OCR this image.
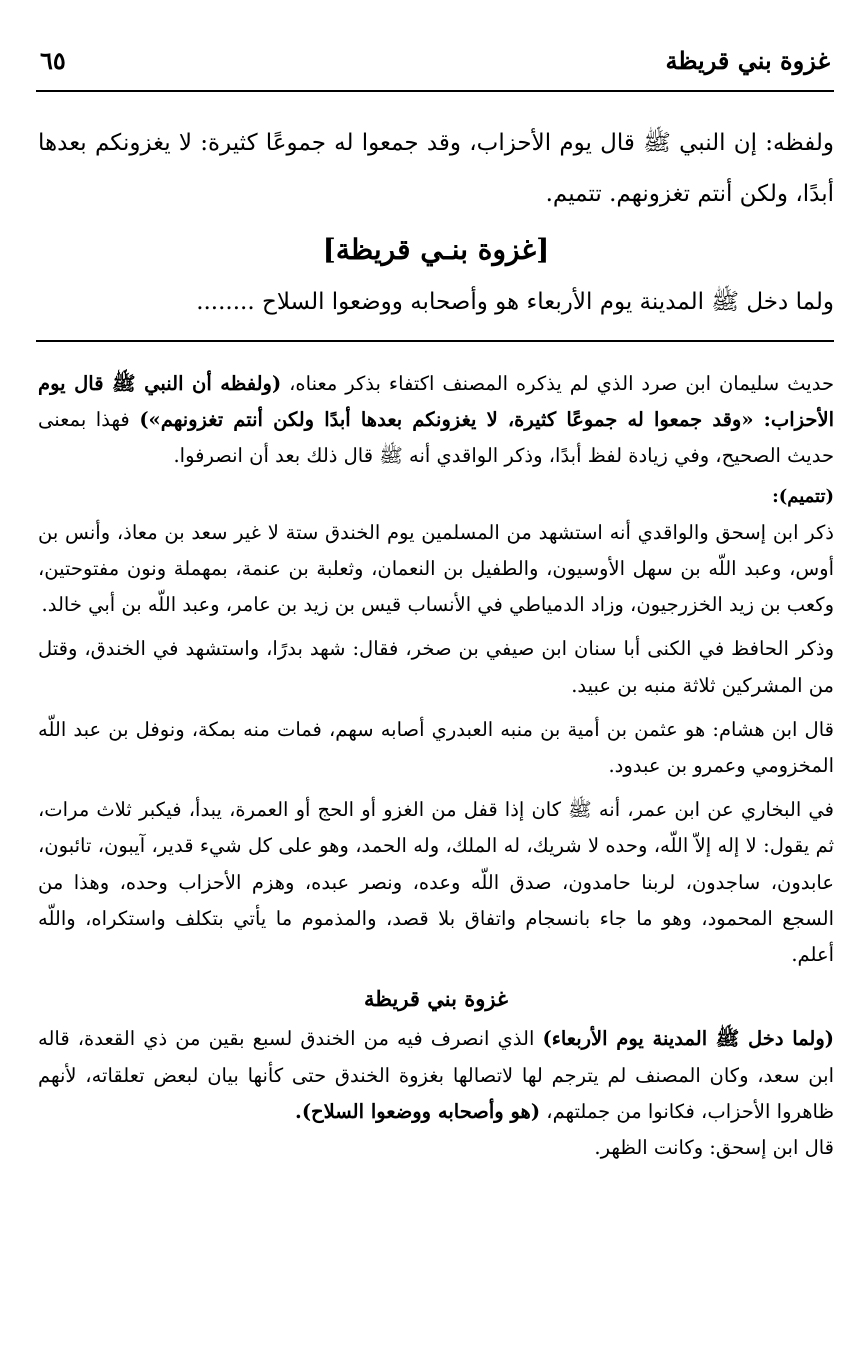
غزوة بني قريظة
٦٥

ولفظه: إن النبي ﷺ قال يوم الأحزاب، وقد جمعوا له جموعًا كثيرة: لا يغزونكم بعدها أبدًا، ولكن أنتم تغزونهم. تتميم.

[غزوة بنـي قريظة]

ولما دخل ﷺ المدينة يوم الأربعاء هو وأصحابه ووضعوا السلاح ........

حديث سليمان ابن صرد الذي لم يذكره المصنف اكتفاء بذكر معناه، (ولفظه أن النبي ﷺ قال يوم الأحزاب: «وقد جمعوا له جموعًا كثيرة، لا يغزونكم بعدها أبدًا ولكن أنتم تغزونهم») فهذا بمعنى حديث الصحيح، وفي زيادة لفظ أبدًا، وذكر الواقدي أنه ﷺ قال ذلك بعد أن انصرفوا.

(تتميم):

ذكر ابن إسحق والواقدي أنه استشهد من المسلمين يوم الخندق ستة لا غير سعد بن معاذ، وأنس بن أوس، وعبد اللّه بن سهل الأوسيون، والطفيل بن النعمان، وثعلبة بن عنمة، بمهملة ونون مفتوحتين، وكعب بن زيد الخزرجيون، وزاد الدمياطي في الأنساب قيس بن زيد بن عامر، وعبد اللّه بن أبي خالد.

وذكر الحافظ في الكنى أبا سنان ابن صيفي بن صخر، فقال: شهد بدرًا، واستشهد في الخندق، وقتل من المشركين ثلاثة منبه بن عبيد.

قال ابن هشام: هو عثمن بن أمية بن منبه العبدري أصابه سهم، فمات منه بمكة، ونوفل بن عبد اللّه المخزومي وعمرو بن عبدود.

في البخاري عن ابن عمر، أنه ﷺ كان إذا قفل من الغزو أو الحج أو العمرة، يبدأ، فيكبر ثلاث مرات، ثم يقول: لا إله إلاّ اللّه، وحده لا شريك، له الملك، وله الحمد، وهو على كل شيء قدير، آيبون، تائبون، عابدون، ساجدون، لربنا حامدون، صدق اللّه وعده، ونصر عبده، وهزم الأحزاب وحده، وهذا من السجع المحمود، وهو ما جاء بانسجام واتفاق بلا قصد، والمذموم ما يأتي بتكلف واستكراه، واللّه أعلم.

غزوة بني قريظة

(ولما دخل ﷺ المدينة يوم الأربعاء) الذي انصرف فيه من الخندق لسبع بقين من ذي القعدة، قاله ابن سعد، وكان المصنف لم يترجم لها لاتصالها بغزوة الخندق حتى كأنها بيان لبعض تعلقاته، لأنهم ظاهروا الأحزاب، فكانوا من جملتهم، (هو وأصحابه ووضعوا السلاح).

قال ابن إسحق: وكانت الظهر.
